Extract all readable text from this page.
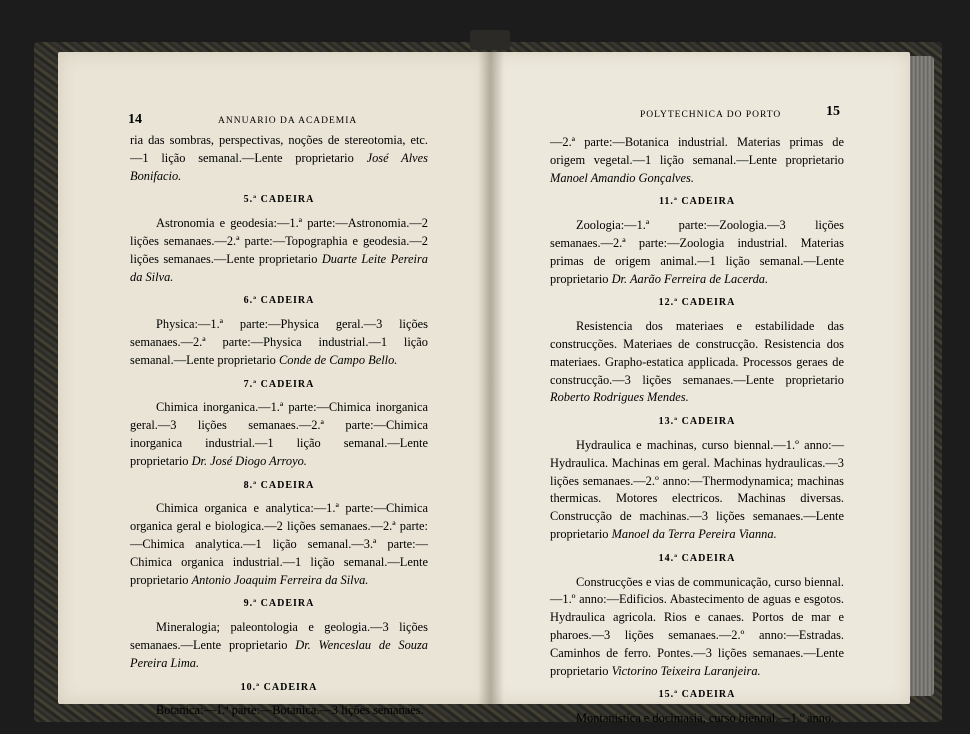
14	ANNUARIO DA ACADEMIA
15
POLYTECHNICA DO PORTO

ria das sombras, perspectivas, noções de stereotomia, etc. —1 lição semanal.—Lente proprietario José Alves Bonifacio.

5.ª CADEIRA

Astronomia e geodesia:—1.ª parte:—Astronomia.—2 lições semanaes.—2.ª parte:—Topographia e geodesia.—2 lições semanaes.—Lente proprietario Duarte Leite Pereira da Silva.

6.ª CADEIRA

Physica:—1.ª parte:—Physica geral.—3 lições semanaes.—2.ª parte:—Physica industrial.—1 lição semanal.—Lente proprietario Conde de Campo Bello.

7.ª CADEIRA

Chimica inorganica.—1.ª parte:—Chimica inorganica geral.—3 lições semanaes.—2.ª parte:—Chimica inorganica industrial.—1 lição semanal.—Lente proprietario Dr. José Diogo Arroyo.

8.ª CADEIRA

Chimica organica e analytica:—1.ª parte:—Chimica organica geral e biologica.—2 lições semanaes.—2.ª parte:—Chimica analytica.—1 lição semanal.—3.ª parte:—Chimica organica industrial.—1 lição semanal.—Lente proprietario Antonio Joaquim Ferreira da Silva.

9.ª CADEIRA

Mineralogia; paleontologia e geologia.—3 lições semanaes.—Lente proprietario Dr. Wenceslau de Souza Pereira Lima.

10.ª CADEIRA

Botanica:—1.ª parte:—Botanica.—3 lições semanaes.

—2.ª parte:—Botanica industrial. Materias primas de origem vegetal.—1 lição semanal.—Lente proprietario Manoel Amandio Gonçalves.

11.ª CADEIRA

Zoologia:—1.ª parte:—Zoologia.—3 lições semanaes.—2.ª parte:—Zoologia industrial. Materias primas de origem animal.—1 lição semanal.—Lente proprietario Dr. Aarão Ferreira de Lacerda.

12.ª CADEIRA

Resistencia dos materiaes e estabilidade das construcções. Materiaes de construcção. Resistencia dos materiaes. Grapho-estatica applicada. Processos geraes de construcção.—3 lições semanaes.—Lente proprietario Roberto Rodrigues Mendes.

13.ª CADEIRA

Hydraulica e machinas, curso biennal.—1.º anno:—Hydraulica. Machinas em geral. Machinas hydraulicas.—3 lições semanaes.—2.º anno:—Thermodynamica; machinas thermicas. Motores electricos. Machinas diversas. Construcção de machinas.—3 lições semanaes.—Lente proprietario Manoel da Terra Pereira Vianna.

14.ª CADEIRA

Construcções e vias de communicação, curso biennal. —1.º anno:—Edificios. Abastecimento de aguas e esgotos. Hydraulica agricola. Rios e canaes. Portos de mar e pharoes.—3 lições semanaes.—2.º anno:—Estradas. Caminhos de ferro. Pontes.—3 lições semanaes.—Lente proprietario Victorino Teixeira Laranjeira.

15.ª CADEIRA

Montanistica e docimasia, curso biennal.—1.º anno.
